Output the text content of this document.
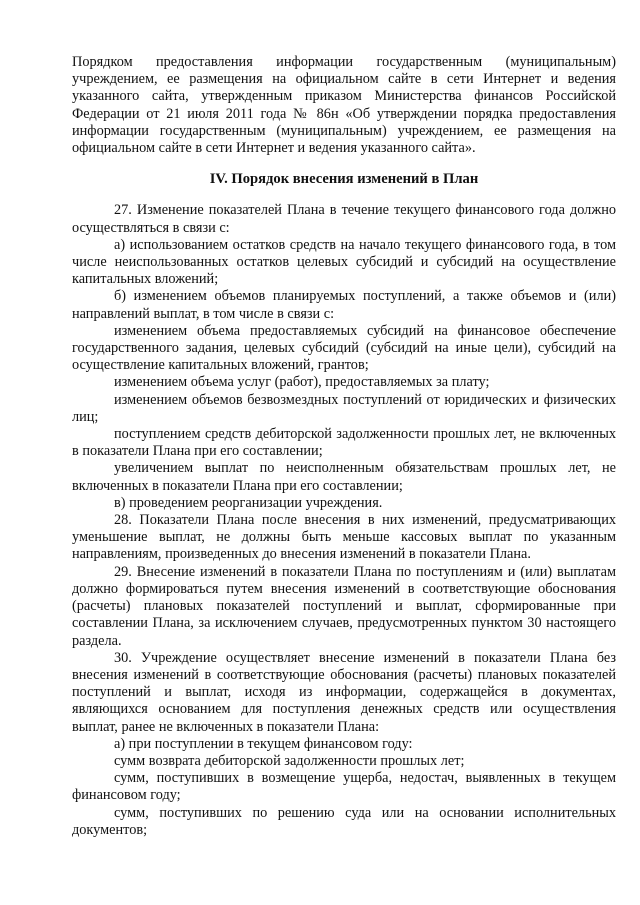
Порядком предоставления информации государственным (муниципальным) учреждением, ее размещения на официальном сайте в сети Интернет и ведения указанного сайта, утвержденным приказом Министерства финансов Российской Федерации от 21 июля 2011 года № 86н «Об утверждении порядка предоставления информации государственным (муниципальным) учреждением, ее размещения на официальном сайте в сети Интернет и ведения указанного сайта».

IV. Порядок внесения изменений в План

27. Изменение показателей Плана в течение текущего финансового года должно осуществляться в связи с:

а) использованием остатков средств на начало текущего финансового года, в том числе неиспользованных остатков целевых субсидий и субсидий на осуществление капитальных вложений;

б) изменением объемов планируемых поступлений, а также объемов и (или) направлений выплат, в том числе в связи с:

изменением объема предоставляемых субсидий на финансовое обеспечение государственного задания, целевых субсидий (субсидий на иные цели), субсидий на осуществление капитальных вложений, грантов;

изменением объема услуг (работ), предоставляемых за плату;

изменением объемов безвозмездных поступлений от юридических и физических лиц;

поступлением средств дебиторской задолженности прошлых лет, не включенных в показатели Плана при его составлении;

увеличением выплат по неисполненным обязательствам прошлых лет, не включенных в показатели Плана при его составлении;

в) проведением реорганизации учреждения.

28. Показатели Плана после внесения в них изменений, предусматривающих уменьшение выплат, не должны быть меньше кассовых выплат по указанным направлениям, произведенных до внесения изменений в показатели Плана.

29. Внесение изменений в показатели Плана по поступлениям и (или) выплатам должно формироваться путем внесения изменений в соответствующие обоснования (расчеты) плановых показателей поступлений и выплат, сформированные при составлении Плана, за исключением случаев, предусмотренных пунктом 30 настоящего раздела.

30. Учреждение осуществляет внесение изменений в показатели Плана без внесения изменений в соответствующие обоснования (расчеты) плановых показателей поступлений и выплат, исходя из информации, содержащейся в документах, являющихся основанием для поступления денежных средств или осуществления выплат, ранее не включенных в показатели Плана:

а) при поступлении в текущем финансовом году:

сумм возврата дебиторской задолженности прошлых лет;

сумм, поступивших в возмещение ущерба, недостач, выявленных в текущем финансовом году;

сумм, поступивших по решению суда или на основании исполнительных документов;
